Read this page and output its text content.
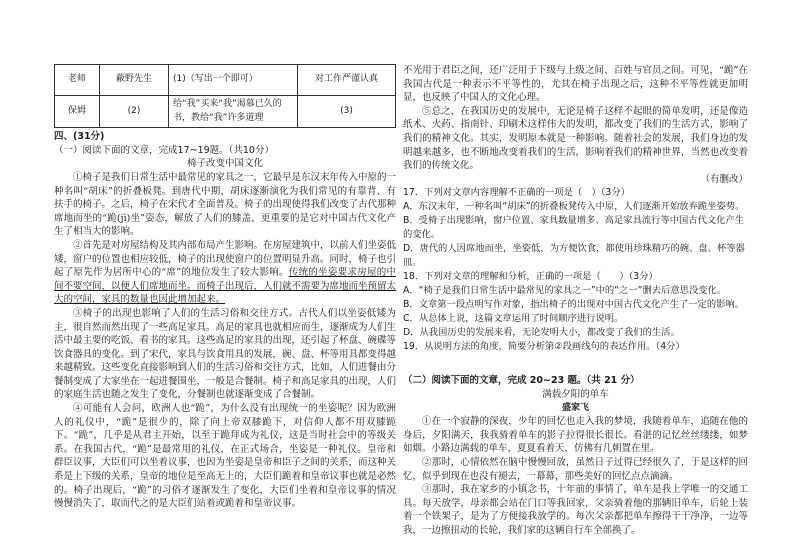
老师	蔽野先生	(1)（写出一个即可）	对工作严谨认真
保姆	(2)	给“我”买来“我”渴慕已久的书，教给“我”许多道理	(3)
四、(31分)
（一）阅读下面的文章，完成17~19题。（共10分）
椅子改变中国文化

①椅子是我们日常生活中最常见的家具之一，它最早是东汉末年传入中原的一种名叫“胡床”的折叠板凳。到唐代中期，胡床逐渐演化为我们常见的有靠背、有扶手的椅子。之后，椅子在宋代才全面普及。椅子的出现使得我们改变了古代那种席地而坐的“跪(jì)坐”姿态，解放了人们的膝盖，更重要的是它对中国古代文化产生了相当大的影响。

②首先是对房屋结构及其内部布局产生影响。在房屋建筑中，以前人们坐姿低矮，窗户的位置也相应较低，椅子的出现使窗户的位置明显升高。同时，椅子也引起了原先作为居所中心的“席”的地位发生了较大影响。传统的坐姿要求房屋的中间不要空间，以便人们席地而坐。而椅子出现后，人们就不需要为席地而坐预留太大的空间，家具的数量也因此增加起来。

③椅子的出现也影响了人们的生活习俗和交往方式。古代人们以坐姿低矮为主，很自然而然出现了一些高足家具。高足的家具也就相应而生，逐渐成为人们生活中最主要的吃饭、看书的家具。这些高足的家具的出现，还引起了杯盘、碗碟等饮食器具的变化。到了宋代，家具与饮食用具的发展，碗、盘、杯等用具都变得越来越精致。这些变化直接影响到人们的生活习俗和交往方式，比如，人们进餐由分餐制变成了大家坐在一起进餐围坐，一般是合餐制。椅子和高足家具的出现，人们的家庭生活也随之发生了变化，分餐制也就逐渐变成了合餐制。

④可能有人会问，欧洲人也“跪”，为什么没有出现统一的坐姿呢？因为欧洲人的礼仪中，“跪”是很少的，除了向上帝双膝跪下，对信仰人都不用双膝跪下。“跪”，几乎是从君主开始，以至于跪拜成为礼仪，这是当时社会中的等级关系。在我国古代，“跪”是最常用的礼仪，在正式场合，坐姿是一种礼仪。皇帝和群臣议事，大臣们可以坐着议事，也因为坐姿是皇帝和臣子之间的关系，而这种关系是上下级的关系，皇帝的地位是至高无上的，大臣们跪着和皇帝议事也就是必然的。椅子出现后，“跪”的习俗才逐渐发生了变化，大臣们坐着和皇帝议事的情况慢慢消失了，取而代之的是大臣们站着或跪着和皇帝议事。

不光用于君臣之间，还广泛用于下级与上级之间、百姓与官员之间。可见，“跪”在我国古代是一种表示不平等性的，尤其在椅子出现之后，这种不平等性就更加明显，也反映了中国人的文化心理。

⑤总之，在我国历史的发展中，无论是椅子这样不起眼的简单发明，还是像造纸术、火药、指南针、印刷术这样伟大的发明，都改变了我们的生活方式，影响了我们的精神文化。其实，发明原本就是一种影响。随着社会的发展，我们身边的发明越来越多，也不断地改变着我们的生活，影响着我们的精神世界，当然也改变着我们的传统文化。

（有删改）
17．下列对文章内容理解不正确的一项是（　）（3分）
A．东汉末年，一种名叫“胡床”的折叠板凳传入中原，人们逐渐开始放弃跪坐姿势。
B．受椅子出现影响，窗户位置、家具数量增多、高足家具流行等中国古代文化产生的变化。
D．唐代的人因席地而坐，坐姿低，为方便饮食，都使用珍珠精巧的碗、盘、杯等器皿。
18．下列对文章的理解和分析，正确的一项是（　　）（3分）
A．“椅子是我们日常生活中最常见的家具之一”中的“之一”删去后意思没变化。
B．文章第一段点明写作对象，指出椅子的出现对中国古代文化产生了一定的影响。
C．从总体上说，这篇文章运用了时间顺序进行说明。
D．从我国历史的发展来看，无论发明大小，都改变了我们的生活。
19．从说明方法的角度，简要分析第②段画线句的表达作用。（4分）
（二）阅读下面的文章，完成 20~23 题。（共 21 分）
满载夕阳的单车
盛家飞

①在一个寂静的深夜，少年的回忆也走入我的梦境，我随着单车，追随在他的身后，夕阳满天，我我骑着单车的影子拉得很长很长。看湛的记忆丝丝缕缕，如梦如烟。小路边满载的单车，夏夏看着天，仿佛有几朝置在里。

②那时，心情依然在脑中慢慢回放，虽然日子过得已经很久了，于是这样的回忆，似乎到现在也没有褪去，一幕幕，那些美好的回忆点点滴滴。

③那时，我在家乡的小镇念书，十年前的事情了，单车是我上学唯一的交通工具。每天放学，母亲都会站在门口等我回家，父亲骑着他的那辆旧单车，后轮上装着一个铁架子，是为了方便接我放学的。每次父亲都把单车擦得干干净净，一边等我，一边擦扭动的长轮，我们家的这辆自行车全部换了。
